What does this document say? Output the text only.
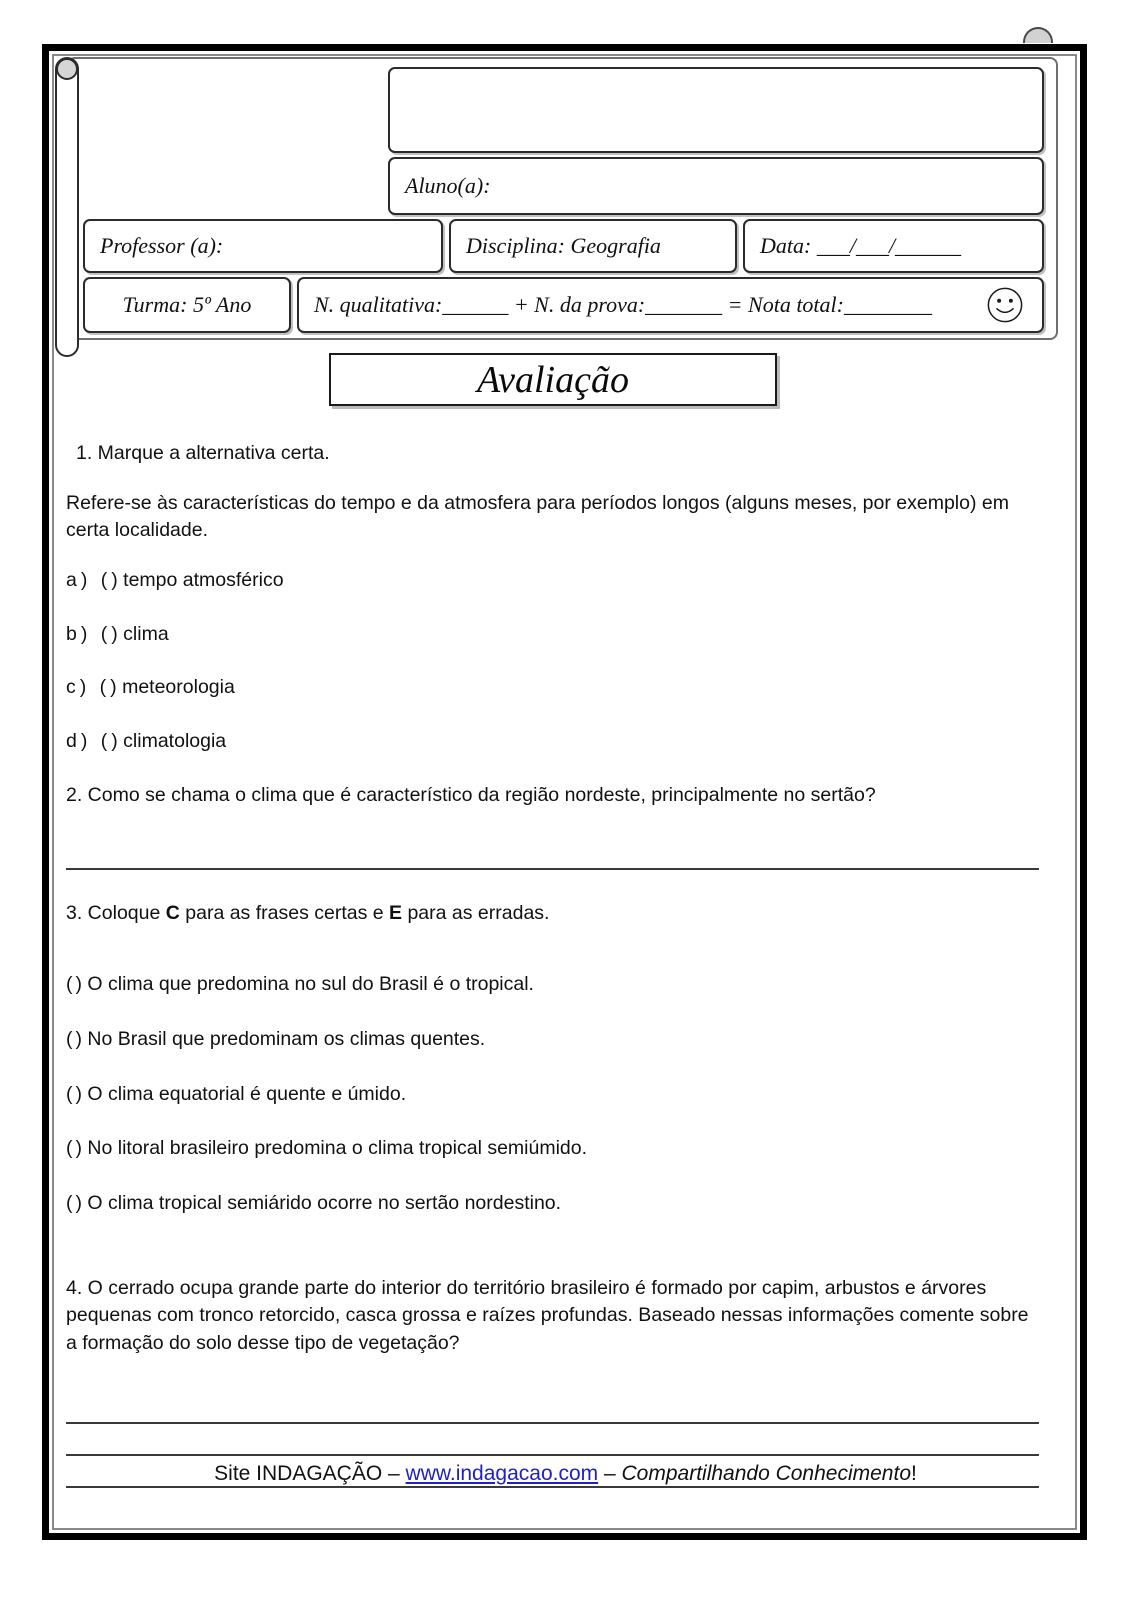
Aluno(a):
Professor (a):	Disciplina: Geografia	Data: ___/___/______
Turma: 5º Ano	N. qualitativa:______ + N. da prova:_______ = Nota total:________
Avaliação

1. Marque a alternativa certa.

Refere-se às características do tempo e da atmosfera para períodos longos (alguns meses, por exemplo) em certa localidade.

a) () tempo atmosférico

b) () clima

c) () meteorologia

d) () climatologia

2. Como se chama o clima que é característico da região nordeste, principalmente no sertão?

3. Coloque C para as frases certas e E para as erradas.

() O clima que predomina no sul do Brasil é o tropical.

() No Brasil que predominam os climas quentes.

() O clima equatorial é quente e úmido.

() No litoral brasileiro predomina o clima tropical semiúmido.

() O clima tropical semiárido ocorre no sertão nordestino.

4. O cerrado ocupa grande parte do interior do território brasileiro é formado por capim, arbustos e árvores pequenas com tronco retorcido, casca grossa e raízes profundas. Baseado nessas informações comente sobre a formação do solo desse tipo de vegetação?

Site INDAGAÇÃO – www.indagacao.com – Compartilhando Conhecimento!
